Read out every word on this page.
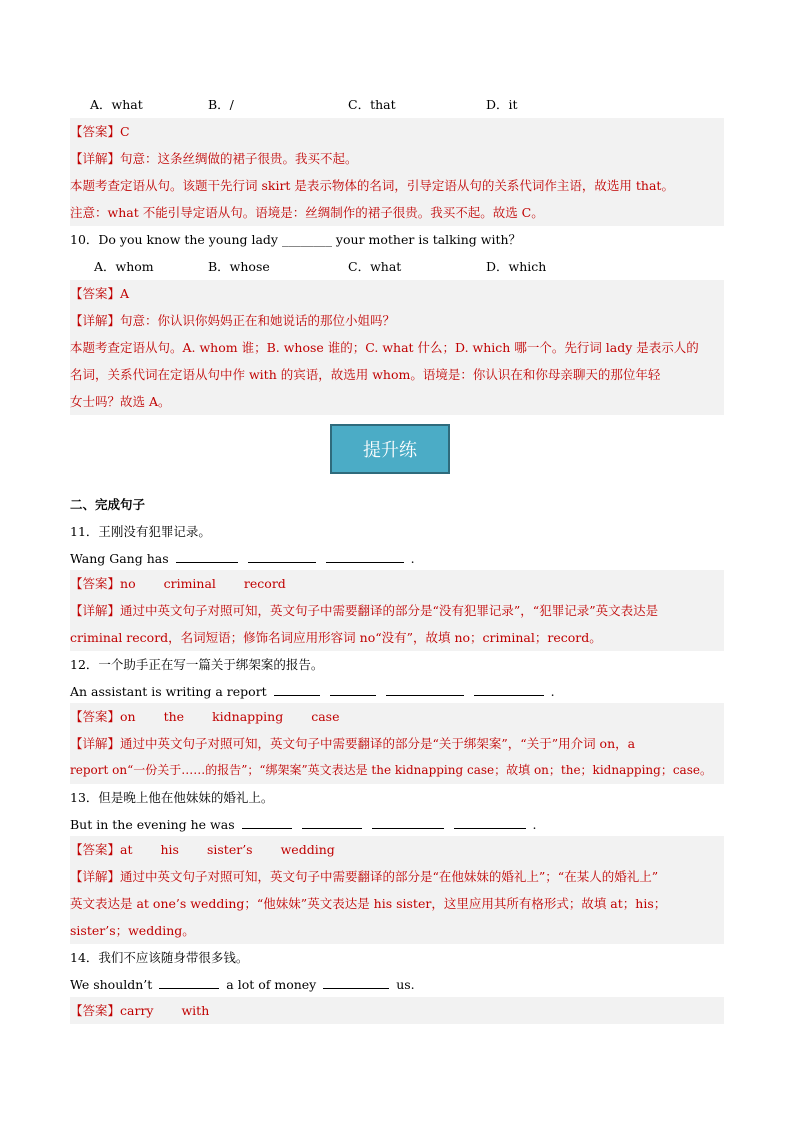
A．what	B．/	C．that	D．it
【答案】C
【详解】句意：这条丝绸做的裙子很贵。我买不起。
本题考查定语从句。该题干先行词 skirt 是表示物体的名词，引导定语从句的关系代词作主语，故选用 that。
注意：what 不能引导定语从句。语境是：丝绸制作的裙子很贵。我买不起。故选 C。
10．Do you know the young lady ________ your mother is talking with？
A．whom	B．whose	C．what	D．which
【答案】A
【详解】句意：你认识你妈妈正在和她说话的那位小姐吗？
本题考查定语从句。A. whom 谁；B. whose 谁的；C. what 什么；D. which 哪一个。先行词 lady 是表示人的
名词，关系代词在定语从句中作 with 的宾语，故选用 whom。语境是：你认识在和你母亲聊天的那位年轻
女士吗？故选 A。
提升练
二、完成句子
11．王刚没有犯罪记录。
Wang Gang has	.
【答案】no criminal record
【详解】通过中英文句子对照可知，英文句子中需要翻译的部分是“没有犯罪记录”，“犯罪记录”英文表达是
criminal record，名词短语；修饰名词应用形容词 no“没有”，故填 no；criminal；record。
12．一个助手正在写一篇关于绑架案的报告。
An assistant is writing a report	.
【答案】on the kidnapping case
【详解】通过中英文句子对照可知，英文句子中需要翻译的部分是“关于绑架案”，“关于”用介词 on，a
report on“一份关于……的报告”；“绑架案”英文表达是 the kidnapping case；故填 on；the；kidnapping；case。
13．但是晚上他在他妹妹的婚礼上。
But in the evening he was	.
【答案】at his sister’s wedding
【详解】通过中英文句子对照可知，英文句子中需要翻译的部分是“在他妹妹的婚礼上”；“在某人的婚礼上”
英文表达是 at one’s wedding；“他妹妹”英文表达是 his sister，这里应用其所有格形式；故填 at；his；
sister’s；wedding。
14．我们不应该随身带很多钱。
We shouldn’t	a lot of money	us.
【答案】carry with
